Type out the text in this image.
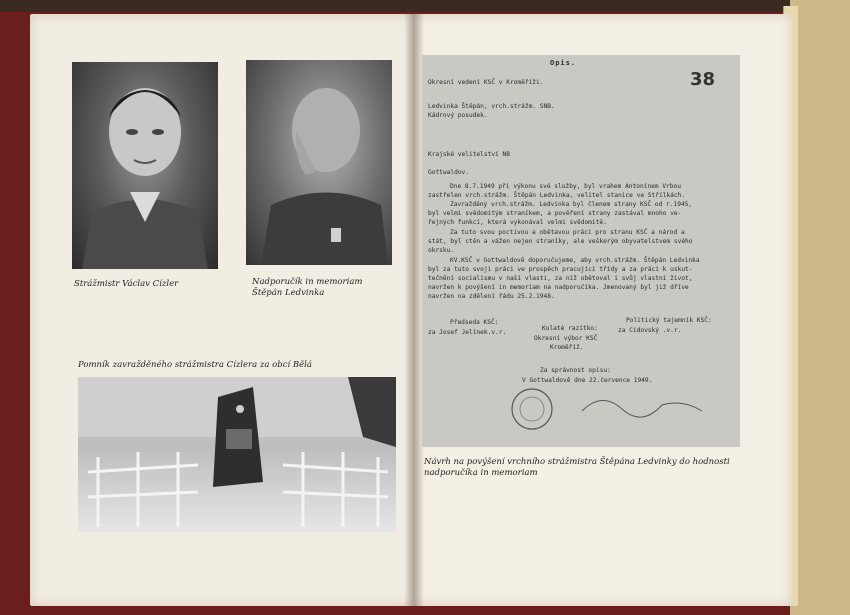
Strážmistr Václav Cízler	Nadporučík in memoriam Štěpán Ledvinka
Pomník zavražděného strážmistra Cízlera za obcí Bělá
Opis.
38
Okresní vedení KSČ v Kroměříži.
Ledvinka Štěpán, vrch.strážm. SNB.
Kádrový posudek.
Krajské velitelství NB
Gottwaldov.
Dne 8.7.1949 při výkonu své služby, byl vrahem Antonínem Vrbou
zastřelen vrch.strážm. Štěpán Ledvinka, velitel stanice ve Střílkách.
Zavražděný vrch.strážm. Ledvinka byl členem strany KSČ od r.1945,
byl velmi svědomitým straníkem, a pověření strany zastával mnoho ve-
řejných funkcí, která vykonával velmi svědomitě.
Za tuto svou poctivou a obětavou práci pro stranu KSČ a národ a
stát, byl ctěn a vážen nejen straníky, ale veškerým obyvatelstvem svého
okrsku.
KV.KSČ v Gottwaldově doporučujeme, aby vrch.strážm. Štěpán Ledvinka
byl za tuto svoji práci ve prospěch pracující třídy a za práci k uskut-
tečnění socialismu v naší vlasti, za níž obětoval i svůj vlastní život,
navržen k povýšení in memoriam na nadporučíka. Jmenovaný byl již dříve
navržen na zdělení řádu 25.2.1948.
Předseda KSČ:
za Josef Jelínek.v.r.
Kulaté razítko:
Okresní výbor KSČ
Kroměříž.
Politický tajemník KSČ:
za Cídovský .v.r.
Za správnost opisu:
V Gottwaldově dne 22.července 1949.
Návrh na povýšení vrchního strážmistra Štěpána Ledvinky do hodnosti nadporučíka in memoriam
